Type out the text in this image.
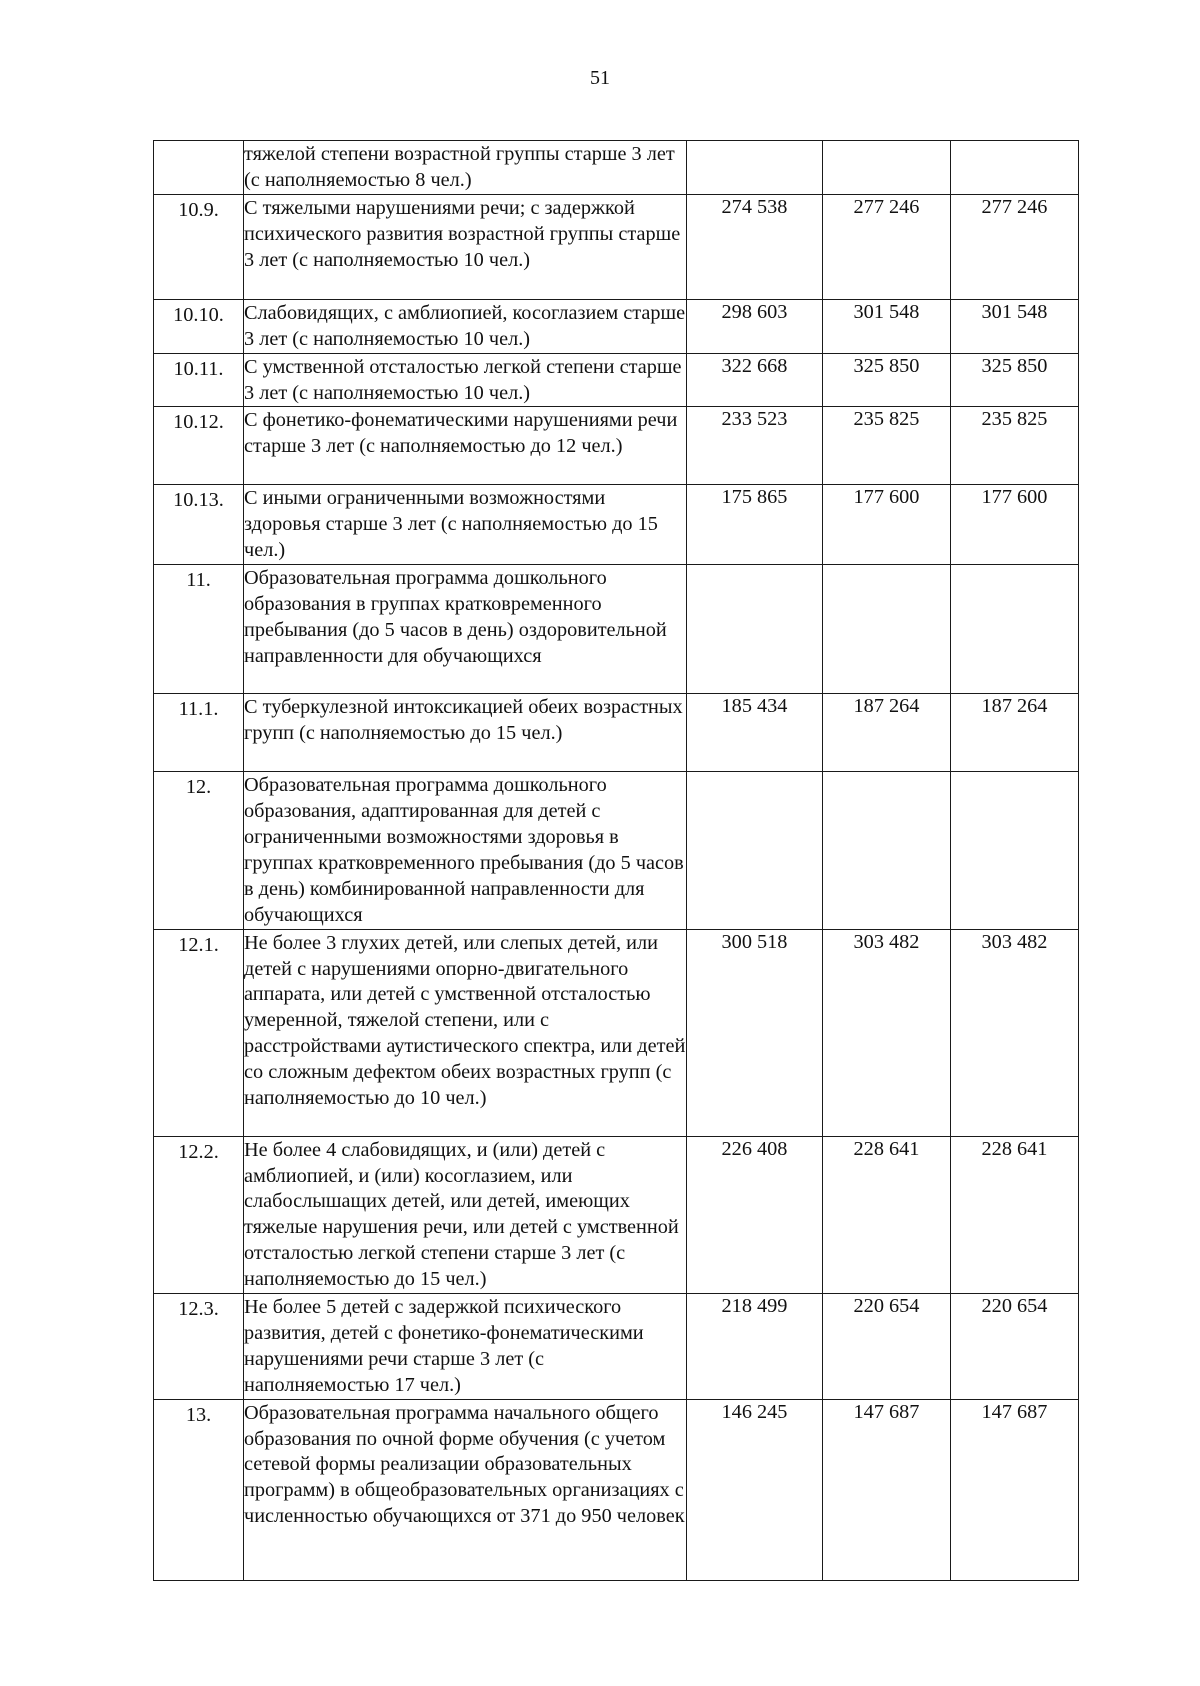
51

	тяжелой степени возрастной группы старше 3 лет (с наполняемостью 8 чел.)			

10.9.	С тяжелыми нарушениями речи; с задержкой психического развития возрастной группы старше 3 лет (с наполняемостью 10 чел.)	274 538	277 246	277 246

10.10.	Слабовидящих, с амблиопией, косоглазием старше 3 лет (с наполняемостью 10 чел.)	298 603	301 548	301 548

10.11.	С умственной отсталостью легкой степени старше 3 лет (с наполняемостью 10 чел.)	322 668	325 850	325 850

10.12.	С фонетико-фонематическими нарушениями речи старше 3 лет (с наполняемостью до 12 чел.)	233 523	235 825	235 825

10.13.	С иными ограниченными возможностями здоровья старше 3 лет (с наполняемостью до 15 чел.)	175 865	177 600	177 600

11.	Образовательная программа дошкольного образования в группах кратковременного пребывания (до 5 часов в день) оздоровительной направленности для обучающихся			

11.1.	С туберкулезной интоксикацией обеих возрастных групп (с наполняемостью до 15 чел.)	185 434	187 264	187 264

12.	Образовательная программа дошкольного образования, адаптированная для детей с ограниченными возможностями здоровья в группах кратковременного пребывания (до 5 часов в день) комбинированной направленности для обучающихся			

12.1.	Не более 3 глухих детей, или слепых детей, или детей с нарушениями опорно-двигательного аппарата, или детей с умственной отсталостью умеренной, тяжелой степени, или с расстройствами аутистического спектра, или детей со сложным дефектом обеих возрастных групп (с наполняемостью до 10 чел.)	300 518	303 482	303 482

12.2.	Не более 4 слабовидящих, и (или) детей с амблиопией, и (или) косоглазием, или слабослышащих детей, или детей, имеющих тяжелые нарушения речи, или детей с умственной отсталостью легкой степени старше 3 лет (с наполняемостью до 15 чел.)	226 408	228 641	228 641

12.3.	Не более 5 детей с задержкой психического развития, детей с фонетико-фонематическими нарушениями речи старше 3 лет (с наполняемостью 17 чел.)	218 499	220 654	220 654

13.	Образовательная программа начального общего образования по очной форме обучения (с учетом сетевой формы реализации образовательных программ) в общеобразовательных организациях с численностью обучающихся от 371 до 950 человек	146 245	147 687	147 687
